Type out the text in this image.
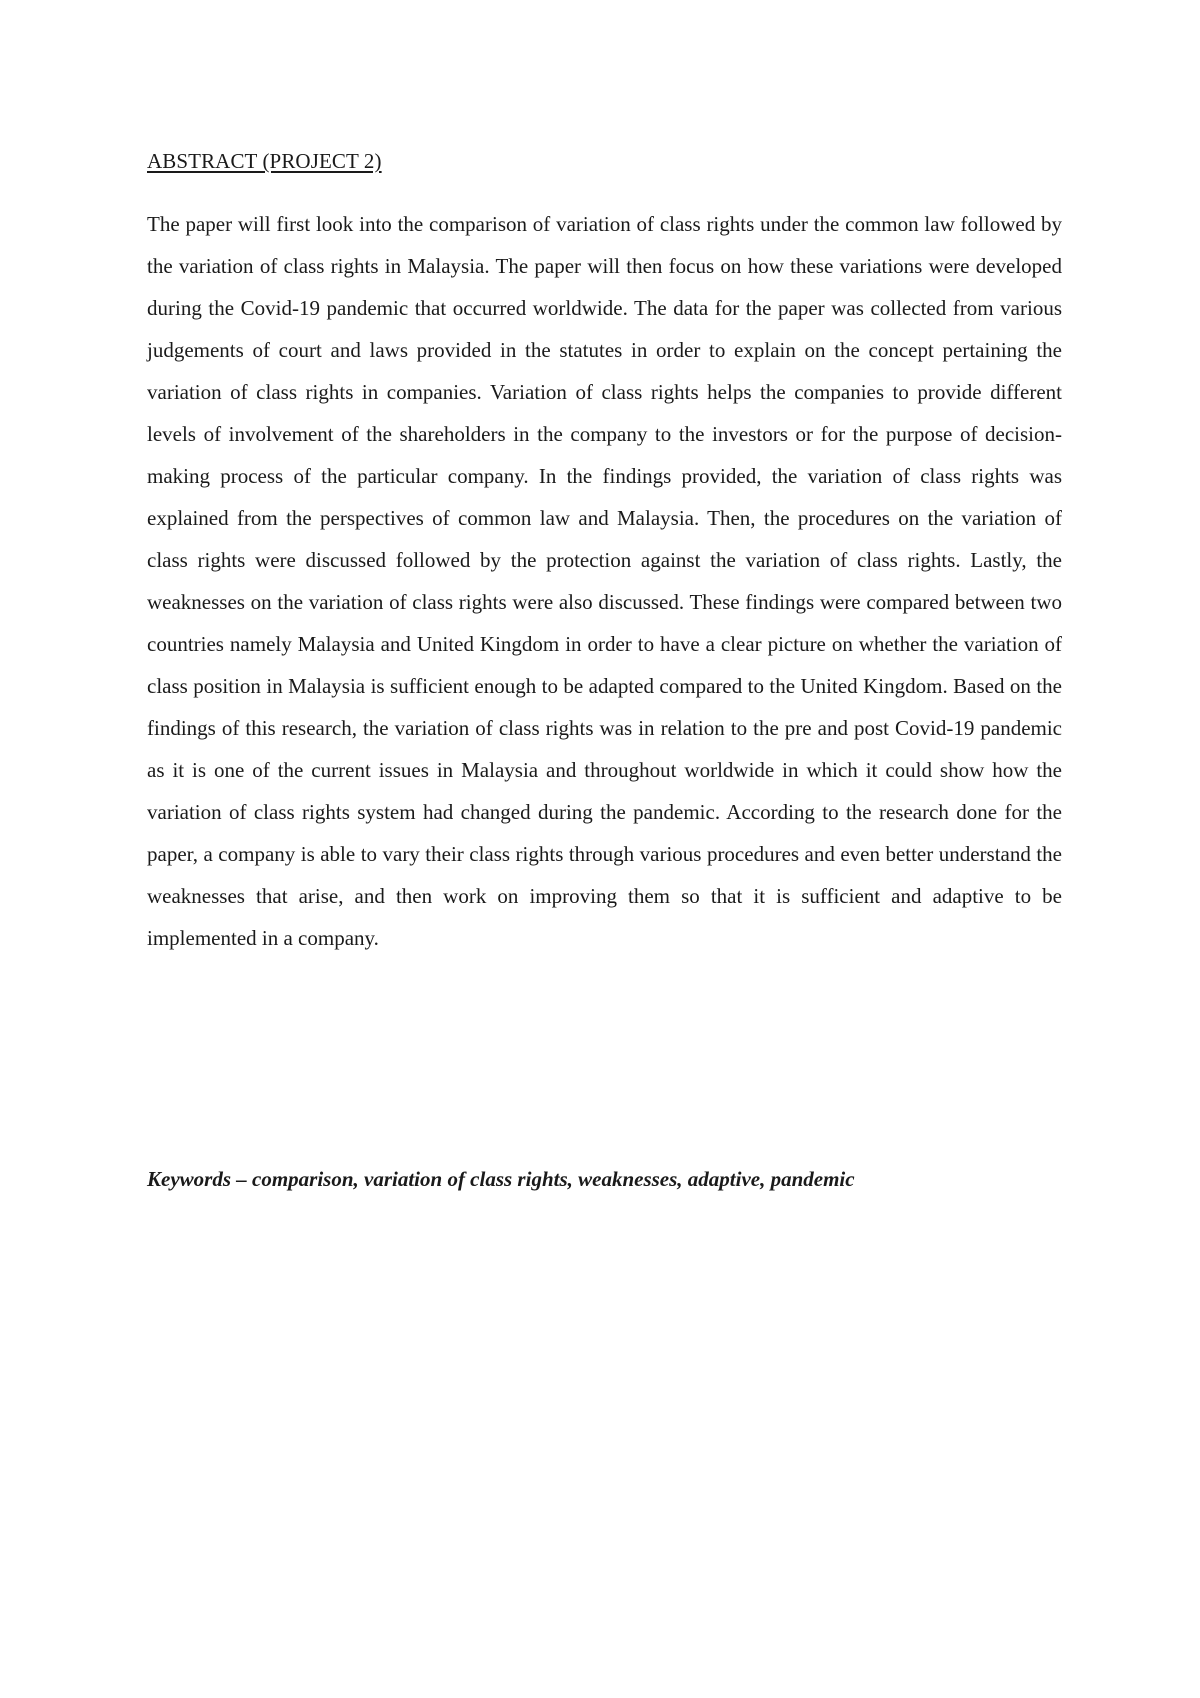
ABSTRACT (PROJECT 2)

The paper will first look into the comparison of variation of class rights under the common law followed by the variation of class rights in Malaysia. The paper will then focus on how these variations were developed during the Covid-19 pandemic that occurred worldwide. The data for the paper was collected from various judgements of court and laws provided in the statutes in order to explain on the concept pertaining the variation of class rights in companies. Variation of class rights helps the companies to provide different levels of involvement of the shareholders in the company to the investors or for the purpose of decision-making process of the particular company. In the findings provided, the variation of class rights was explained from the perspectives of common law and Malaysia. Then, the procedures on the variation of class rights were discussed followed by the protection against the variation of class rights. Lastly, the weaknesses on the variation of class rights were also discussed. These findings were compared between two countries namely Malaysia and United Kingdom in order to have a clear picture on whether the variation of class position in Malaysia is sufficient enough to be adapted compared to the United Kingdom. Based on the findings of this research, the variation of class rights was in relation to the pre and post Covid-19 pandemic as it is one of the current issues in Malaysia and throughout worldwide in which it could show how the variation of class rights system had changed during the pandemic. According to the research done for the paper, a company is able to vary their class rights through various procedures and even better understand the weaknesses that arise, and then work on improving them so that it is sufficient and adaptive to be implemented in a company.

Keywords – comparison, variation of class rights, weaknesses, adaptive, pandemic
